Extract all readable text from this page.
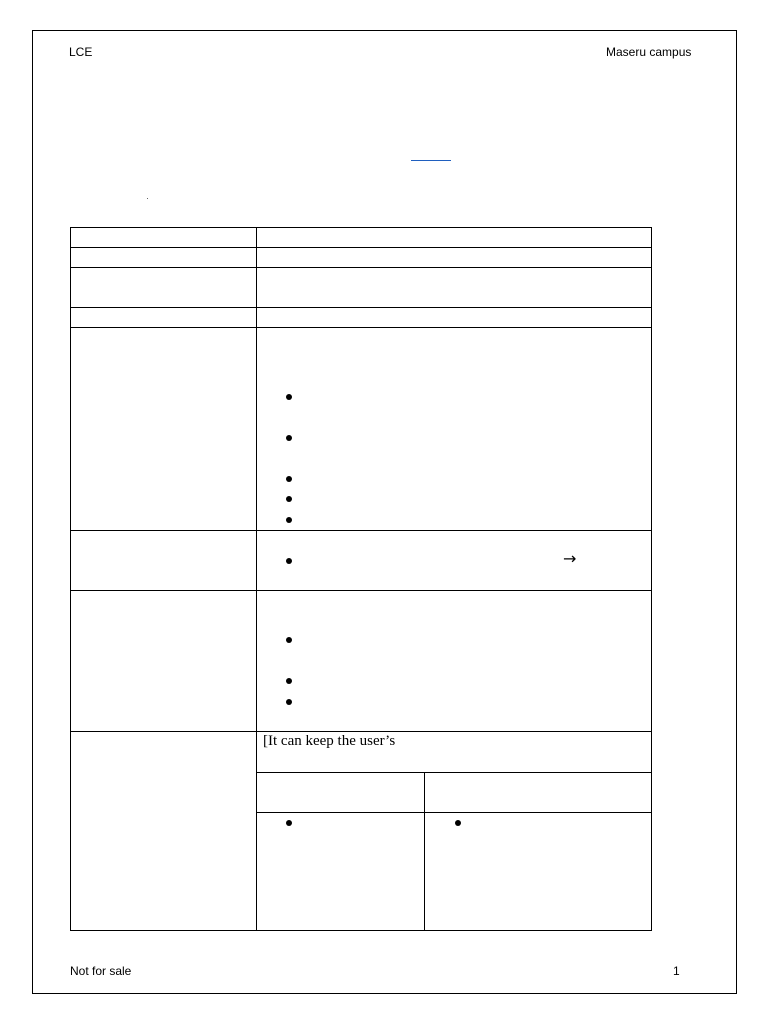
LCE	Maseru campus
→
[It can keep the user’s
Not for sale	1
